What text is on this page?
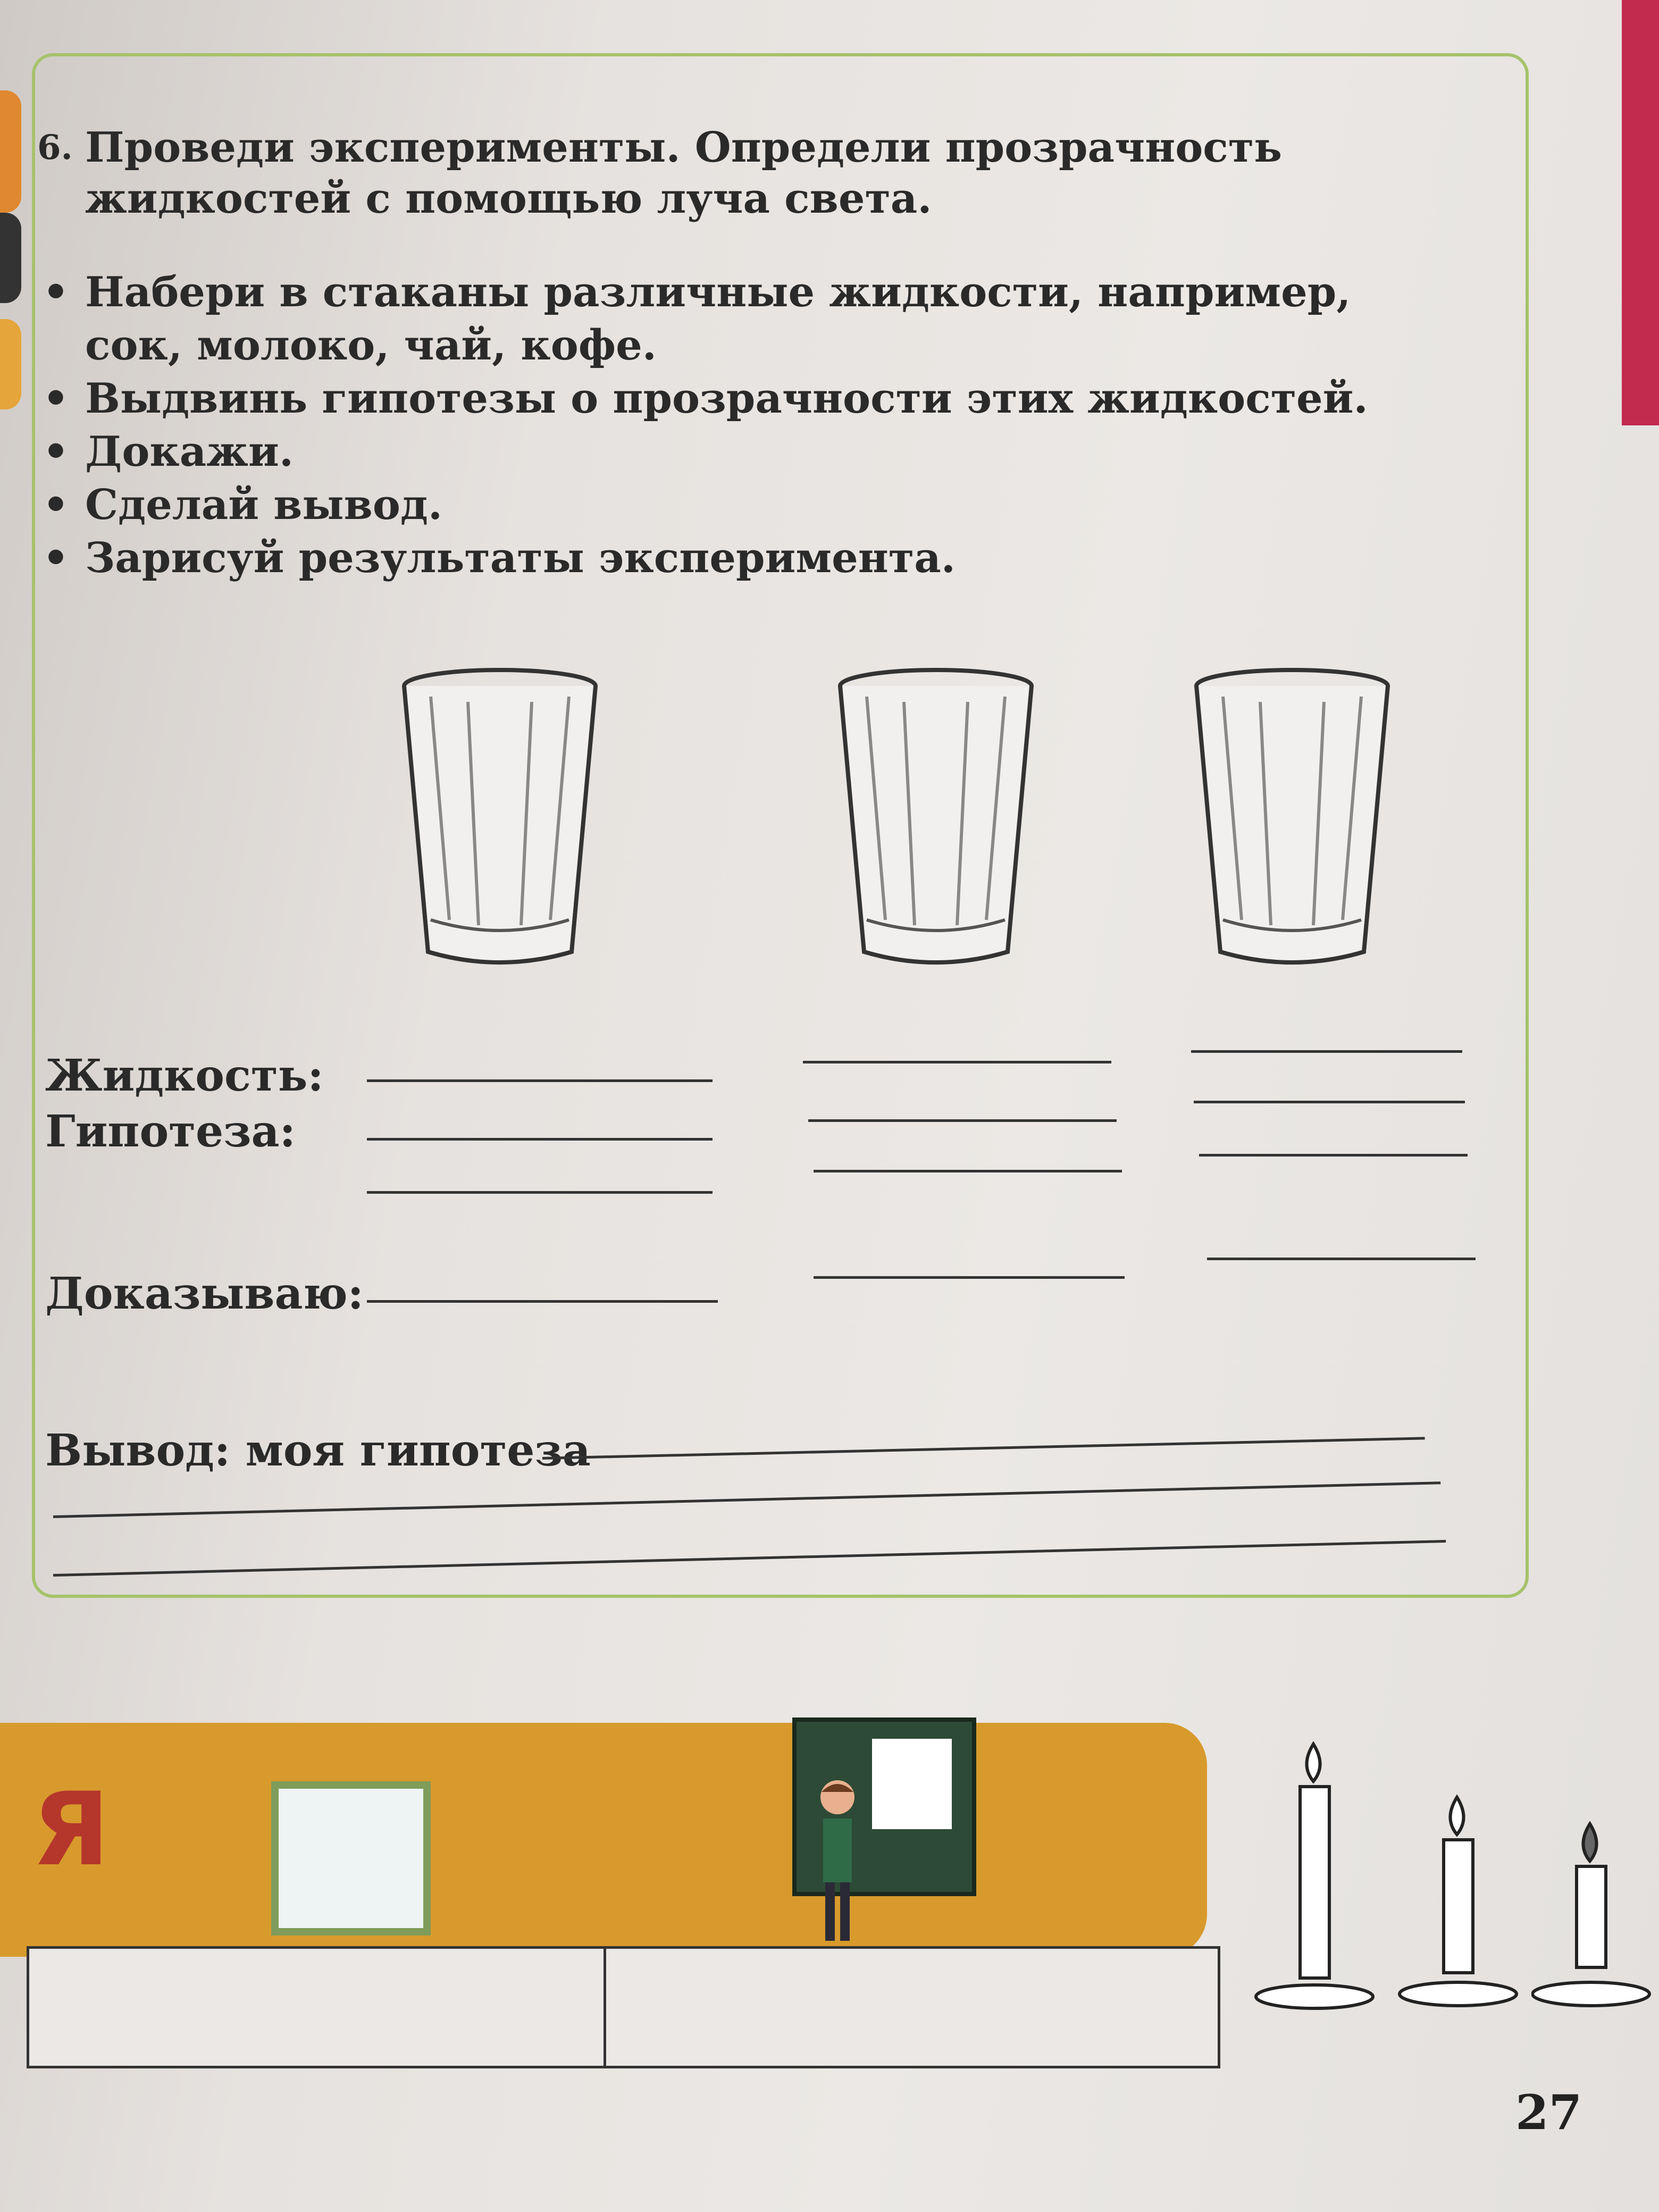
6. Проведи эксперименты. Определи прозрачность жидкостей с помощью луча света.
• Набери в стаканы различные жидкости, например, сок, молоко, чай, кофе.
• Выдвинь гипотезы о прозрачности этих жидкостей.
• Докажи.
• Сделай вывод.
• Зарисуй результаты эксперимента.
Жидкость:
Гипотеза:
Доказываю:
Вывод: моя гипотеза
Я
27
